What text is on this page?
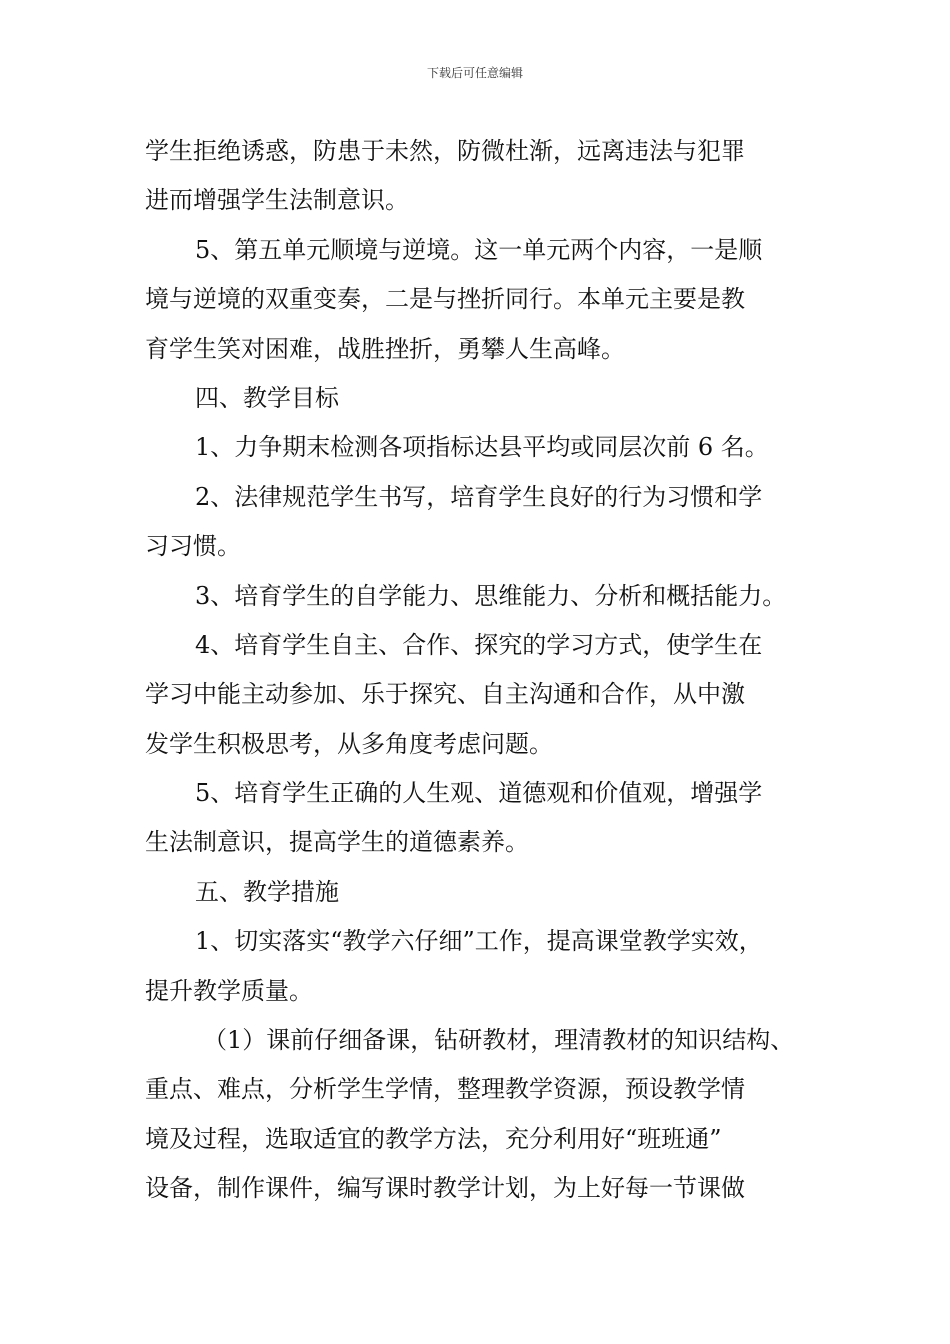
下载后可任意编辑
学生拒绝诱惑，防患于未然，防微杜渐，远离违法与犯罪
进而增强学生法制意识。
5、第五单元顺境与逆境。这一单元两个内容，一是顺
境与逆境的双重变奏，二是与挫折同行。本单元主要是教
育学生笑对困难，战胜挫折，勇攀人生高峰。
四、教学目标
1、力争期末检测各项指标达县平均或同层次前 6 名。
2、法律规范学生书写，培育学生良好的行为习惯和学
习习惯。
3、培育学生的自学能力、思维能力、分析和概括能力。
4、培育学生自主、合作、探究的学习方式，使学生在
学习中能主动参加、乐于探究、自主沟通和合作，从中激
发学生积极思考，从多角度考虑问题。
5、培育学生正确的人生观、道德观和价值观，增强学
生法制意识，提高学生的道德素养。
五、教学措施
1、切实落实“教学六仔细”工作，提高课堂教学实效，
提升教学质量。
（1）课前仔细备课，钻研教材，理清教材的知识结构、
重点、难点，分析学生学情，整理教学资源，预设教学情
境及过程，选取适宜的教学方法，充分利用好“班班通”
设备，制作课件，编写课时教学计划，为上好每一节课做
